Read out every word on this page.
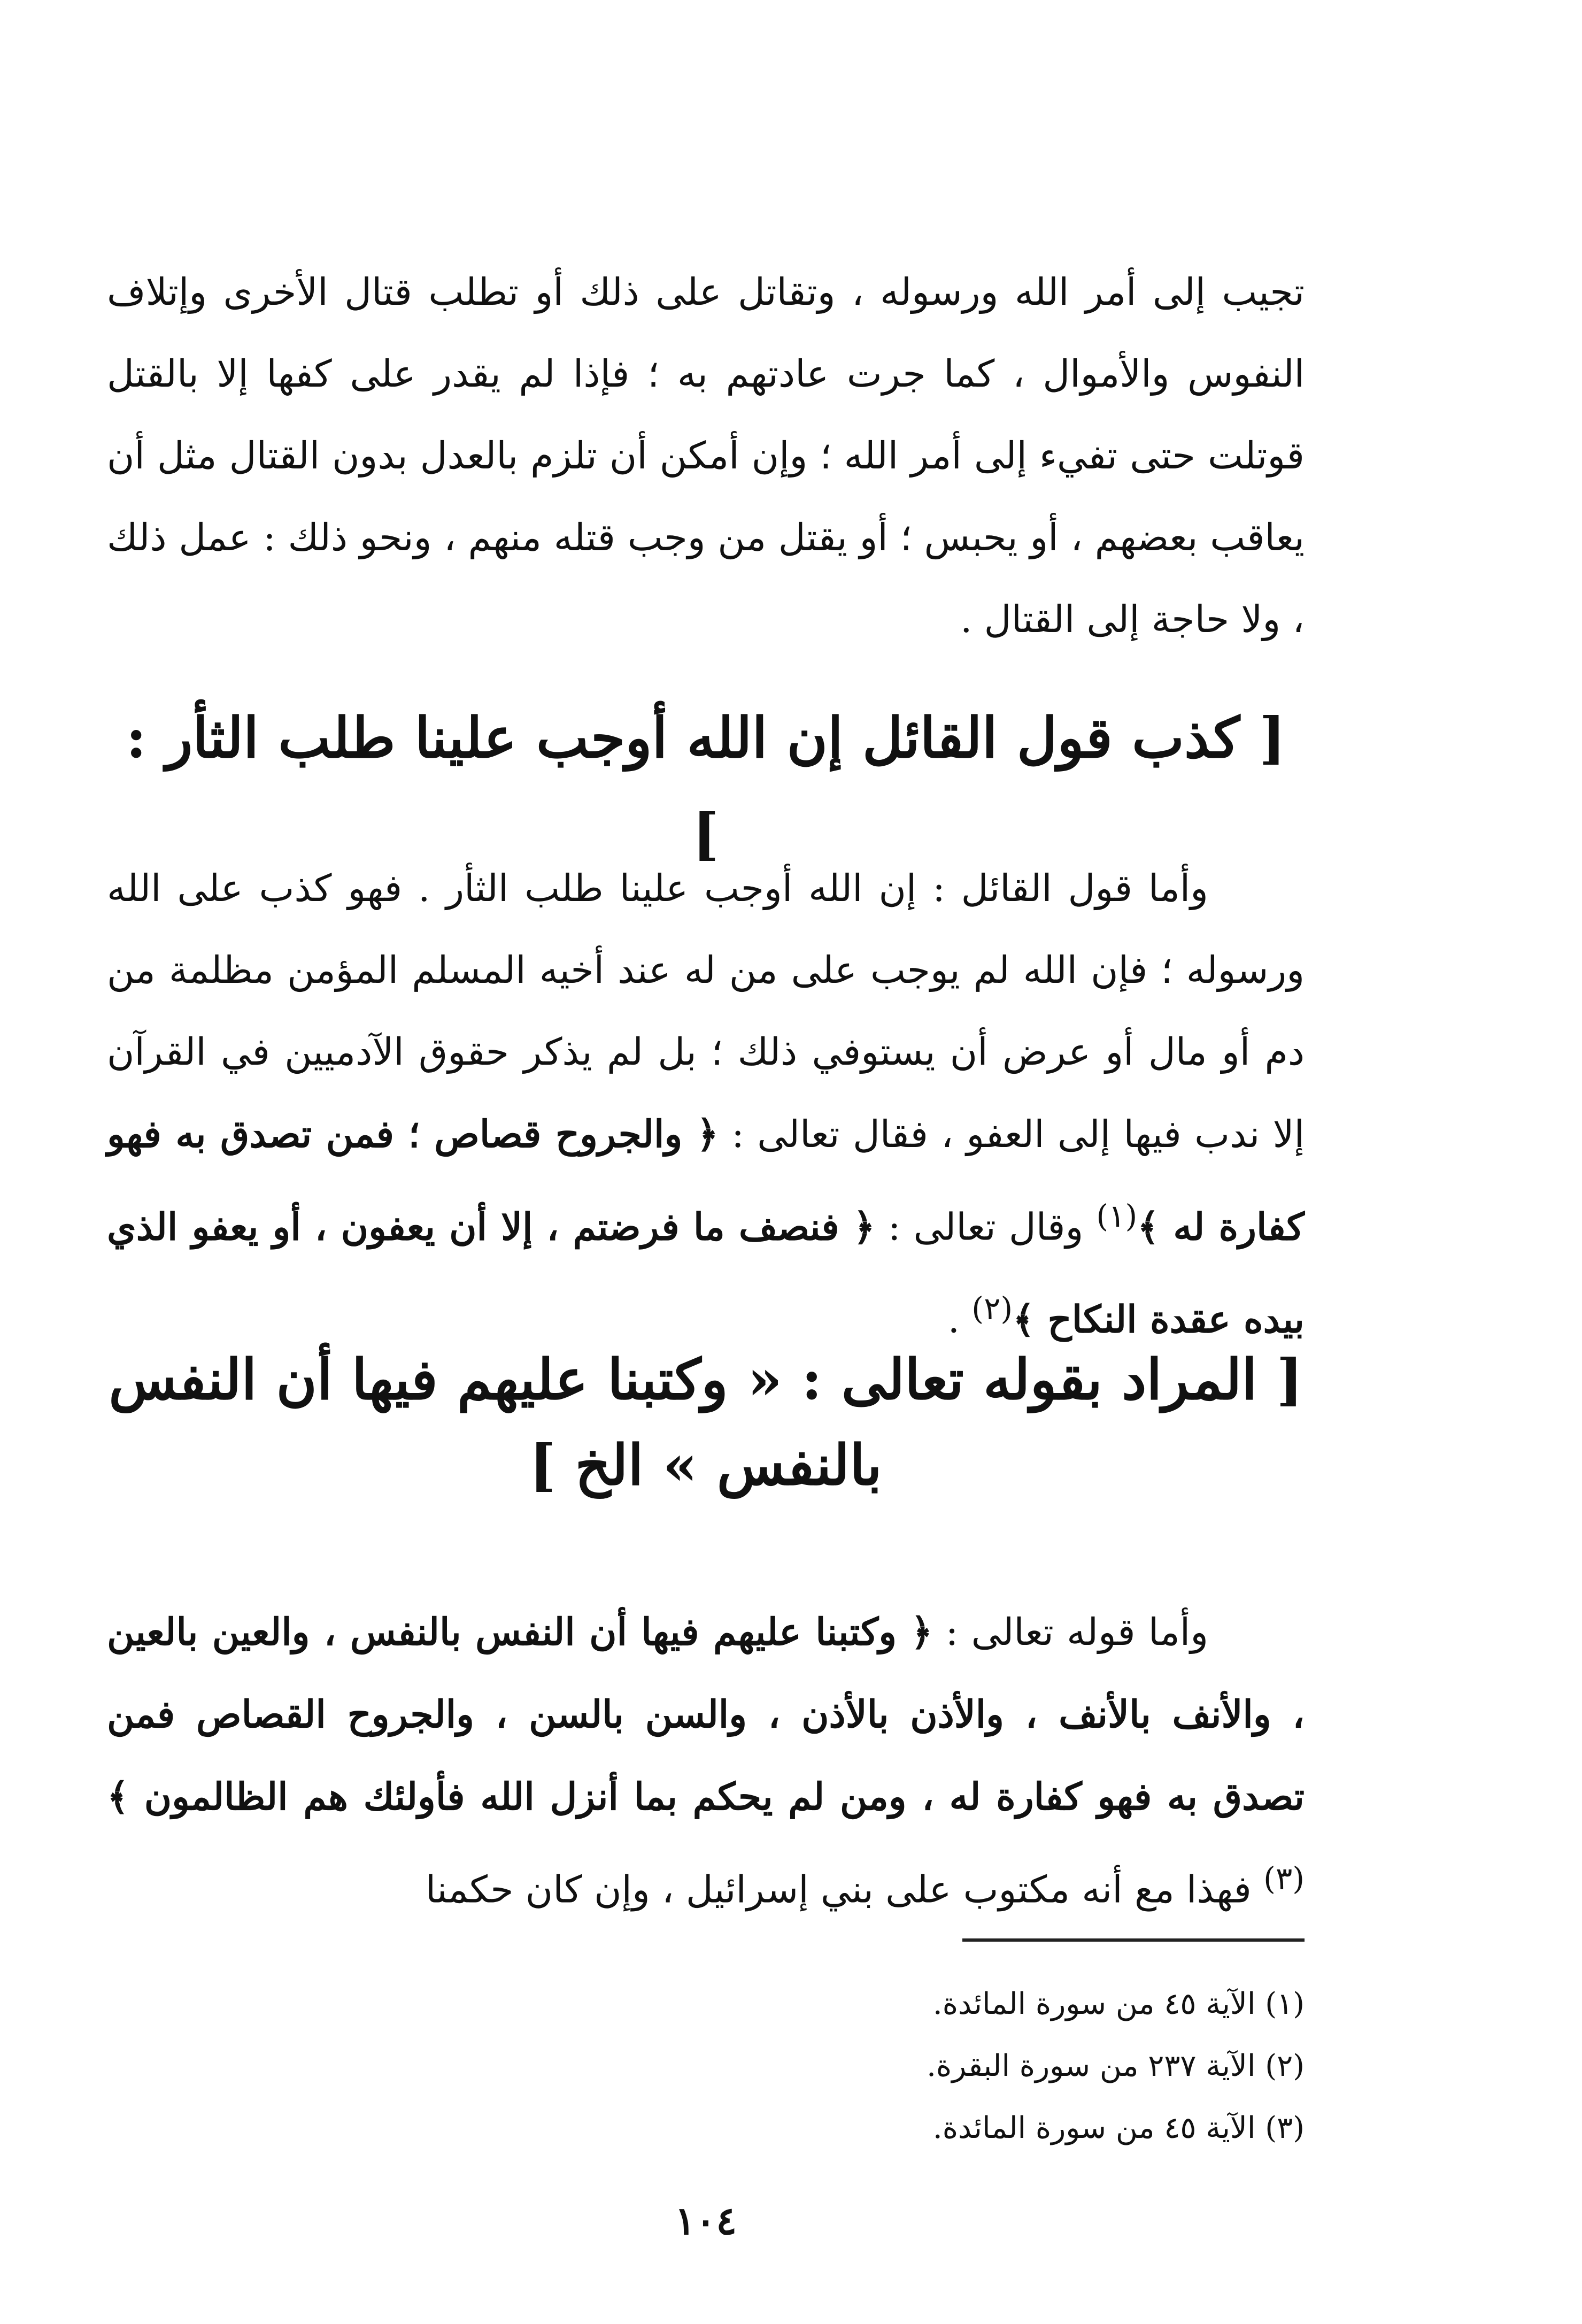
تجيب إلى أمر الله ورسوله ، وتقاتل على ذلك أو تطلب قتال الأخرى وإتلاف النفوس والأموال ، كما جرت عادتهم به ؛ فإذا لم يقدر على كفها إلا بالقتل قوتلت حتى تفيء إلى أمر الله ؛ وإن أمكن أن تلزم بالعدل بدون القتال مثل أن يعاقب بعضهم ، أو يحبس ؛ أو يقتل من وجب قتله منهم ، ونحو ذلك : عمل ذلك ، ولا حاجة إلى القتال .

[ كذب قول القائل إن الله أوجب علينا طلب الثأر : ]

وأما قول القائل : إن الله أوجب علينا طلب الثأر . فهو كذب على الله ورسوله ؛ فإن الله لم يوجب على من له عند أخيه المسلم المؤمن مظلمة من دم أو مال أو عرض أن يستوفي ذلك ؛ بل لم يذكر حقوق الآدميين في القرآن إلا ندب فيها إلى العفو ، فقال تعالى : ﴿ والجروح قصاص ؛ فمن تصدق به فهو كفارة له ﴾$^{(١)}$ وقال تعالى : ﴿ فنصف ما فرضتم ، إلا أن يعفون ، أو يعفو الذي بيده عقدة النكاح ﴾$^{(٢)}$ .

[ المراد بقوله تعالى : « وكتبنا عليهم فيها أن النفس بالنفس » الخ ]

وأما قوله تعالى : ﴿ وكتبنا عليهم فيها أن النفس بالنفس ، والعين بالعين ، والأنف بالأنف ، والأذن بالأذن ، والسن بالسن ، والجروح القصاص فمن تصدق به فهو كفارة له ، ومن لم يحكم بما أنزل الله فأولئك هم الظالمون ﴾$^{(٣)}$ فهذا مع أنه مكتوب على بني إسرائيل ، وإن كان حكمنا

(١) الآية ٤٥ من سورة المائدة.
(٢) الآية ٢٣٧ من سورة البقرة.
(٣) الآية ٤٥ من سورة المائدة.
١٠٤
